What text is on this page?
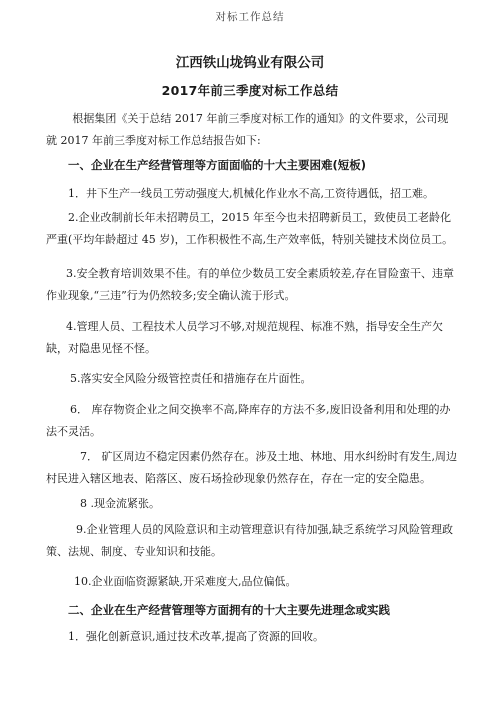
对标工作总结
江西铁山垅钨业有限公司
2017年前三季度对标工作总结
根据集团《关于总结 2017 年前三季度对标工作的通知》的文件要求，公司现就 2017 年前三季度对标工作总结报告如下:
一、企业在生产经营管理等方面面临的十大主要困难(短板)
1．井下生产一线员工劳动强度大,机械化作业水不高,工资待遇低，招工难。
2.企业改制前长年未招聘员工，2015 年至今也未招聘新员工，致使员工老龄化严重(平均年龄超过 45 岁)，工作积极性不高,生产效率低，特别关键技术岗位员工。
3.安全教育培训效果不佳。有的单位少数员工安全素质较差,存在冒险蛮干、违章作业现象,“三违”行为仍然较多;安全确认流于形式。
4.管理人员、工程技术人员学习不够,对规范规程、标准不熟，指导安全生产欠缺，对隐患见怪不怪。
5.落实安全风险分级管控责任和措施存在片面性。
6． 库存物资企业之间交换率不高,降库存的方法不多,废旧设备利用和处理的办法不灵活。
7． 矿区周边不稳定因素仍然存在。涉及土地、林地、用水纠纷时有发生,周边村民进入辖区地表、陷落区、废石场捡砂现象仍然存在，存在一定的安全隐患。
8 .现金流紧张。
9.企业管理人员的风险意识和主动管理意识有待加强,缺乏系统学习风险管理政策、法规、制度、专业知识和技能。
10.企业面临资源紧缺,开采难度大,品位偏低。
二、企业在生产经营管理等方面拥有的十大主要先进理念或实践
1．强化创新意识,通过技术改革,提高了资源的回收。
